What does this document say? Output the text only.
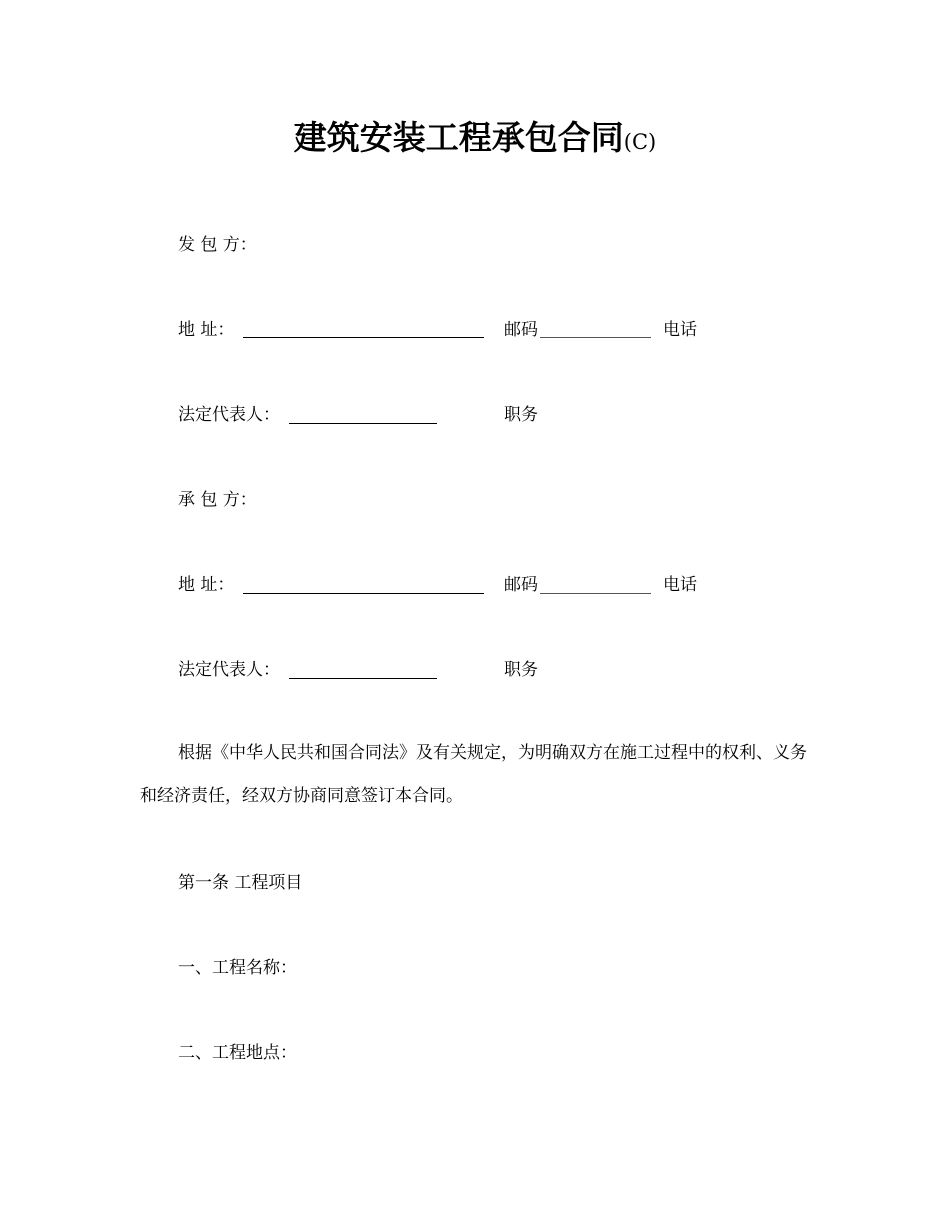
建筑安装工程承包合同(C)
发 包 方：
地 址：	邮码	电话
法定代表人：	职务
承 包 方：
地 址：	邮码	电话
法定代表人：	职务
根据《中华人民共和国合同法》及有关规定，为明确双方在施工过程中的权利、义务和经济责任，经双方协商同意签订本合同。
第一条 工程项目
一、工程名称：
二、工程地点：
